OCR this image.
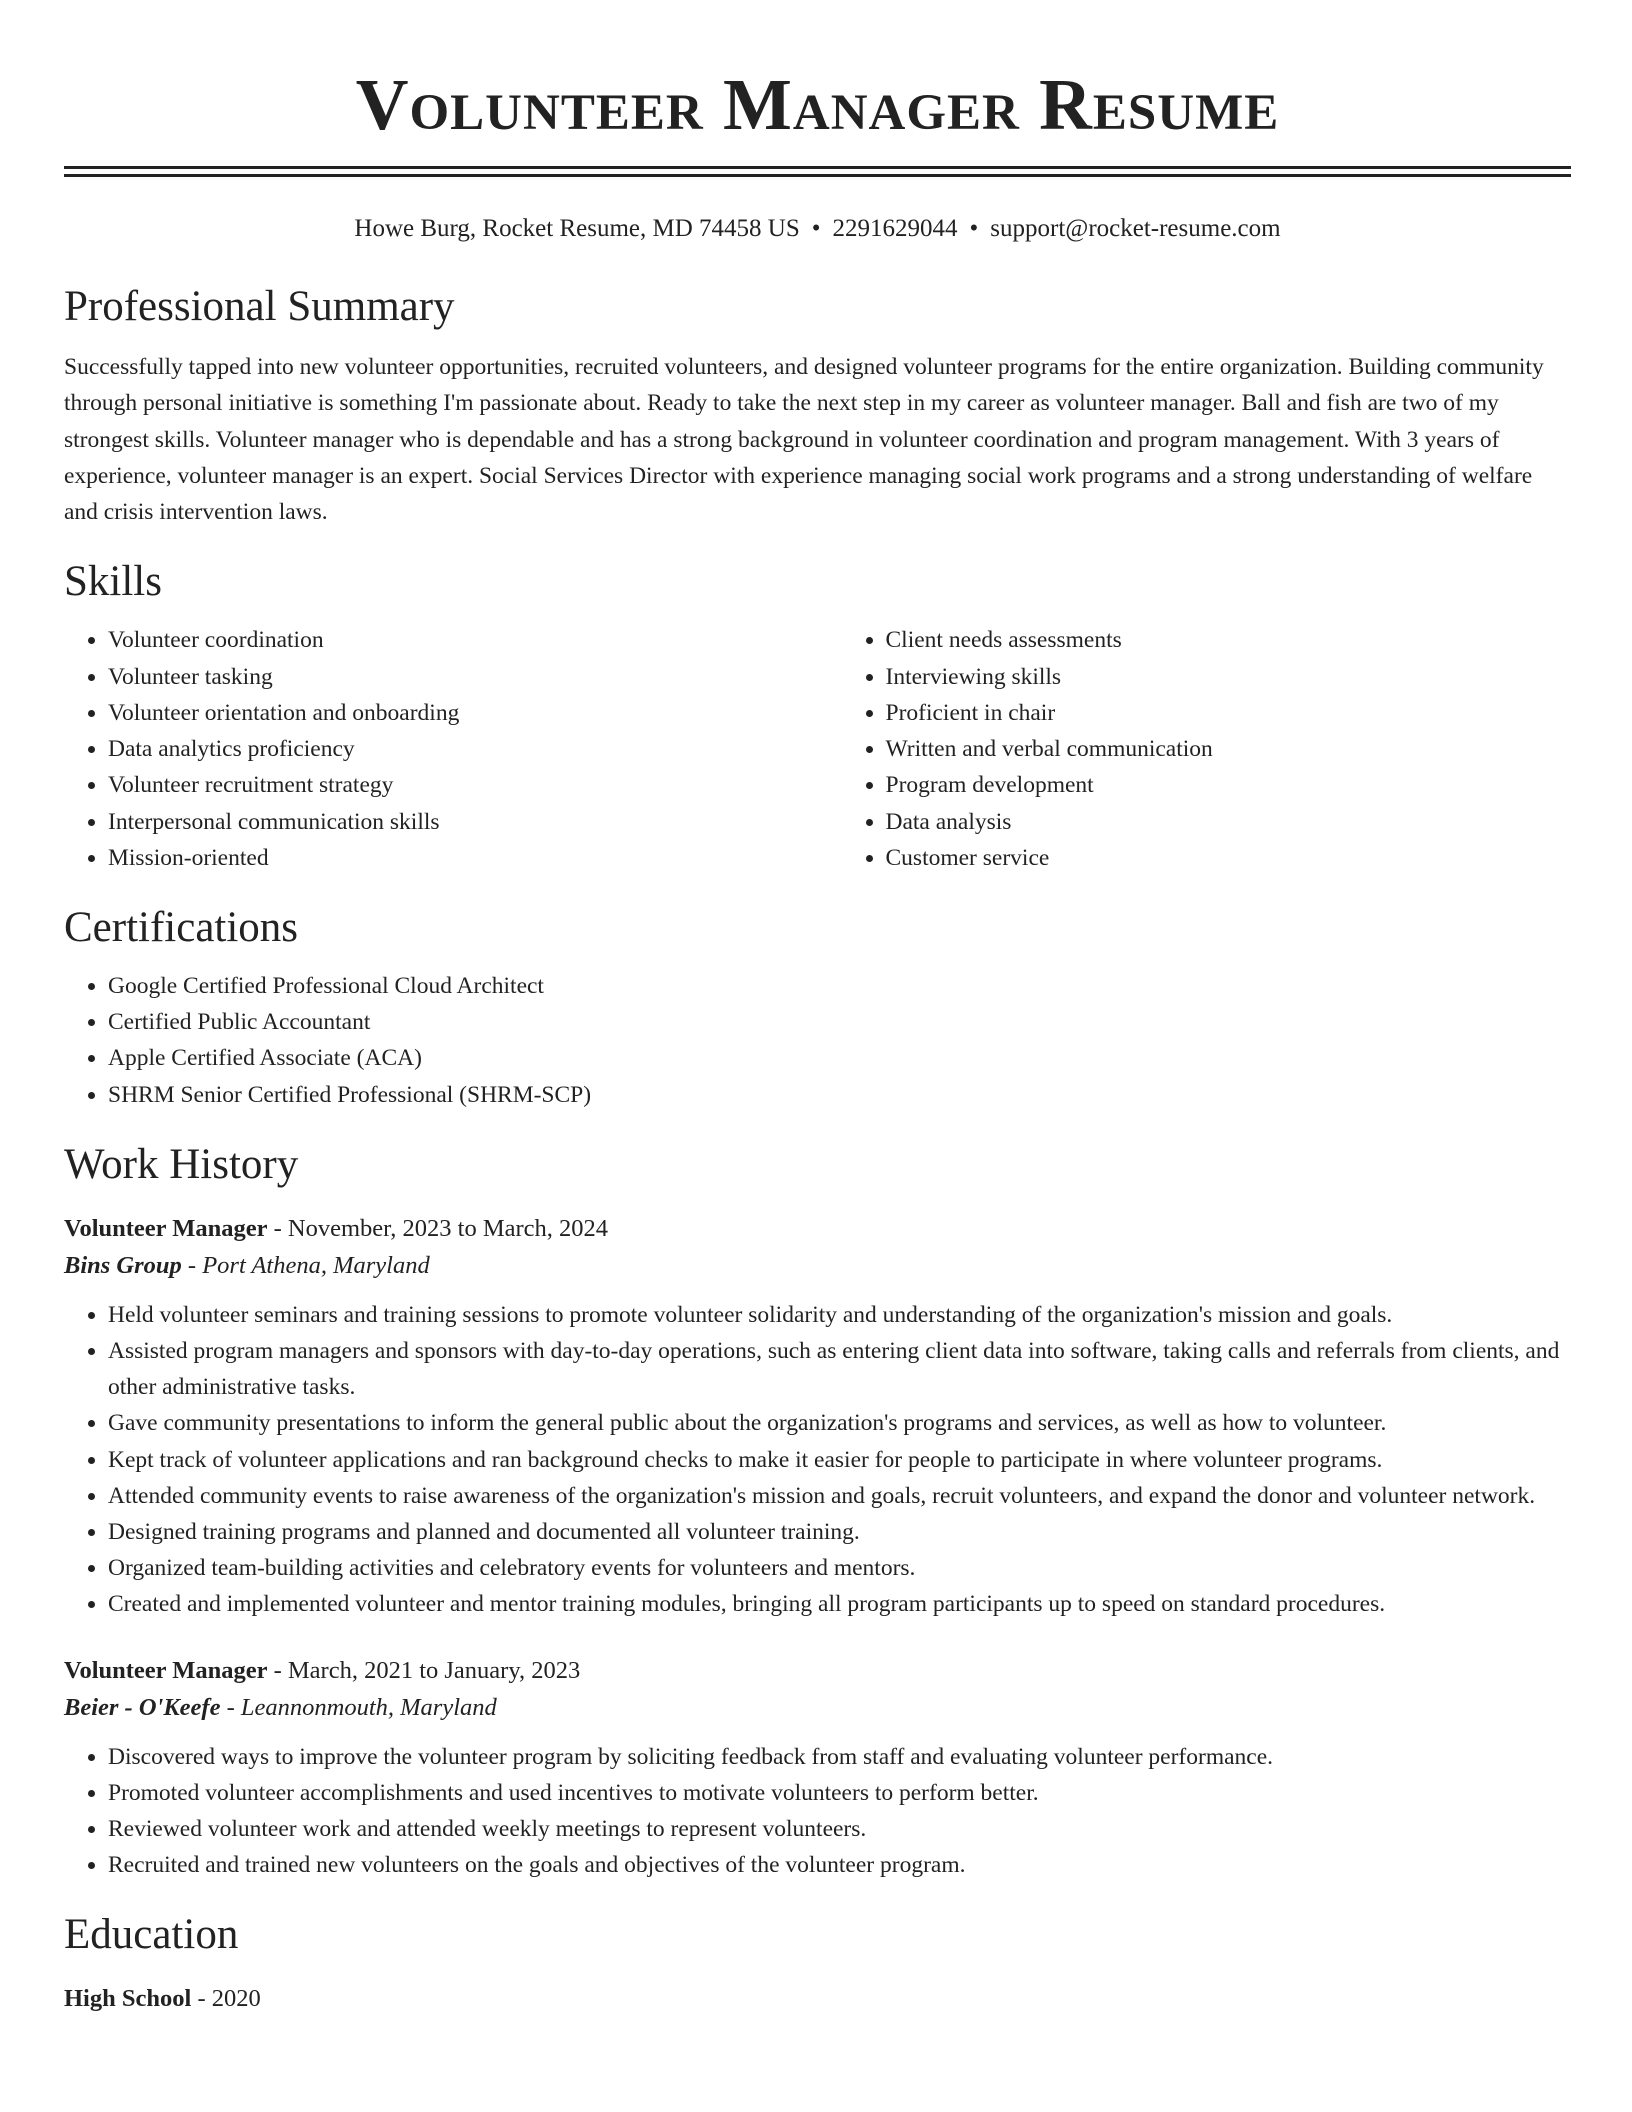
Volunteer Manager Resume
Howe Burg, Rocket Resume, MD 74458 US • 2291629044 • support@rocket-resume.com
Professional Summary
Successfully tapped into new volunteer opportunities, recruited volunteers, and designed volunteer programs for the entire organization. Building community through personal initiative is something I'm passionate about. Ready to take the next step in my career as volunteer manager. Ball and fish are two of my strongest skills. Volunteer manager who is dependable and has a strong background in volunteer coordination and program management. With 3 years of experience, volunteer manager is an expert. Social Services Director with experience managing social work programs and a strong understanding of welfare and crisis intervention laws.
Skills
• Volunteer coordination
• Volunteer tasking
• Volunteer orientation and onboarding
• Data analytics proficiency
• Volunteer recruitment strategy
• Interpersonal communication skills
• Mission-oriented
• Client needs assessments
• Interviewing skills
• Proficient in chair
• Written and verbal communication
• Program development
• Data analysis
• Customer service
Certifications
• Google Certified Professional Cloud Architect
• Certified Public Accountant
• Apple Certified Associate (ACA)
• SHRM Senior Certified Professional (SHRM-SCP)
Work History
Volunteer Manager - November, 2023 to March, 2024
Bins Group - Port Athena, Maryland
• Held volunteer seminars and training sessions to promote volunteer solidarity and understanding of the organization's mission and goals.
• Assisted program managers and sponsors with day-to-day operations, such as entering client data into software, taking calls and referrals from clients, and other administrative tasks.
• Gave community presentations to inform the general public about the organization's programs and services, as well as how to volunteer.
• Kept track of volunteer applications and ran background checks to make it easier for people to participate in where volunteer programs.
• Attended community events to raise awareness of the organization's mission and goals, recruit volunteers, and expand the donor and volunteer network.
• Designed training programs and planned and documented all volunteer training.
• Organized team-building activities and celebratory events for volunteers and mentors.
• Created and implemented volunteer and mentor training modules, bringing all program participants up to speed on standard procedures.
Volunteer Manager - March, 2021 to January, 2023
Beier - O'Keefe - Leannonmouth, Maryland
• Discovered ways to improve the volunteer program by soliciting feedback from staff and evaluating volunteer performance.
• Promoted volunteer accomplishments and used incentives to motivate volunteers to perform better.
• Reviewed volunteer work and attended weekly meetings to represent volunteers.
• Recruited and trained new volunteers on the goals and objectives of the volunteer program.
Education
High School - 2020
